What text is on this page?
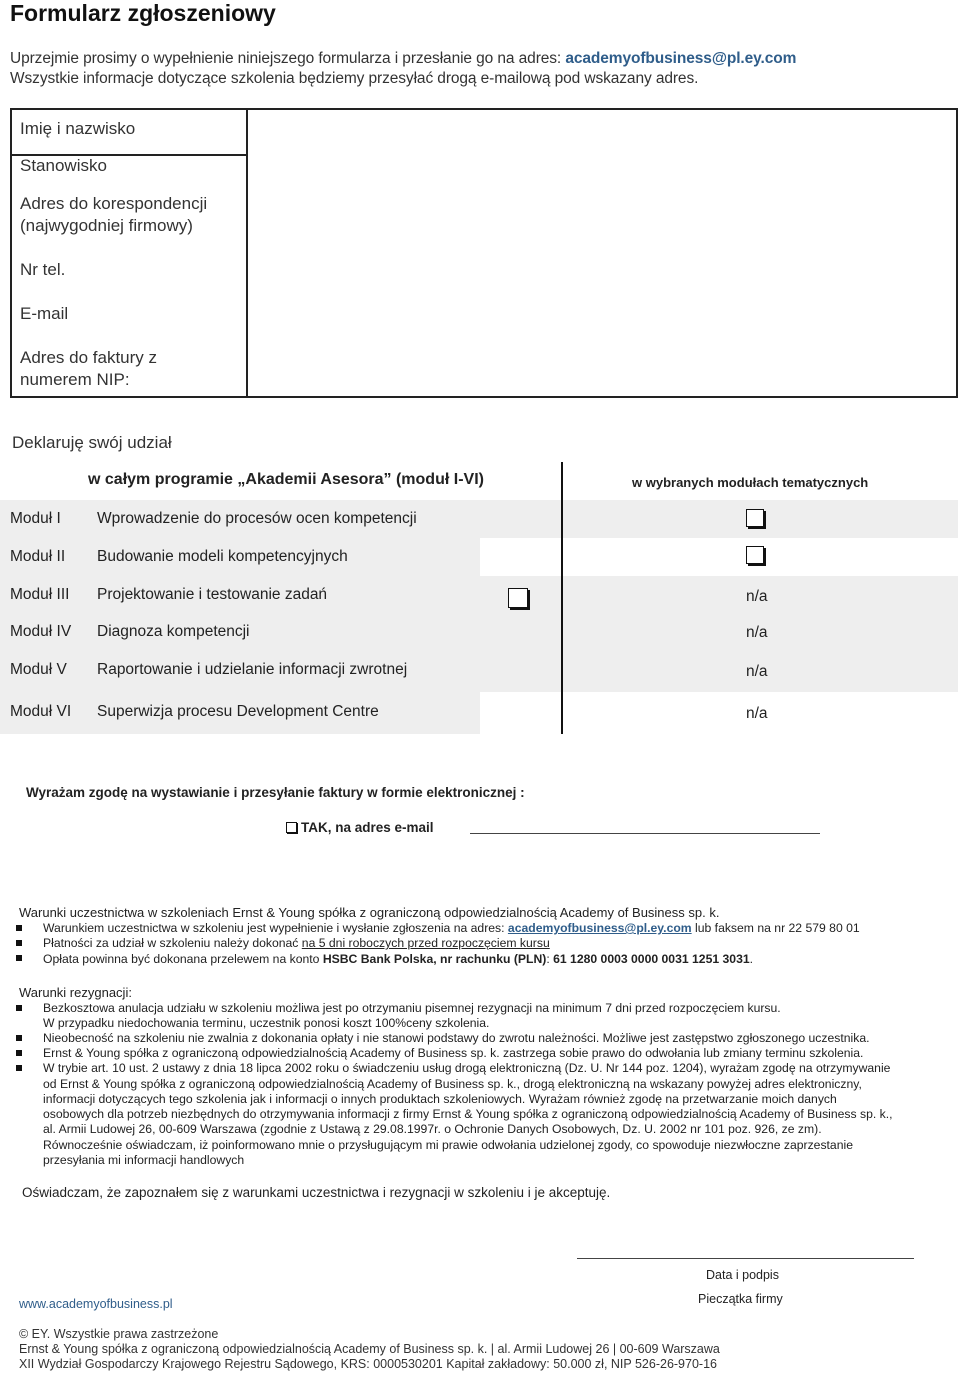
Formularz zgłoszeniowy
Uprzejmie prosimy o wypełnienie niniejszego formularza i przesłanie go na adres: academyofbusiness@pl.ey.com
Wszystkie informacje dotyczące szkolenia będziemy przesyłać drogą e-mailową pod wskazany adres.
Imię i nazwisko
Stanowisko
Adres do korespondencji
(najwygodniej firmowy)
Nr tel.
E-mail
Adres do faktury z
numerem NIP:
Deklaruję swój udział
w całym programie „Akademii Asesora” (moduł I-VI)	w wybranych modułach tematycznych
Moduł I Wprowadzenie do procesów ocen kompetencji
Moduł II Budowanie modeli kompetencyjnych
Moduł III Projektowanie i testowanie zadań	n/a
Moduł IV Diagnoza kompetencji	n/a
Moduł V Raportowanie i udzielanie informacji zwrotnej	n/a
Moduł VI Superwizja procesu Development Centre	n/a
Wyrażam zgodę na wystawianie i przesyłanie faktury w formie elektronicznej :
TAK, na adres e-mail
Warunki uczestnictwa w szkoleniach Ernst & Young spółka z ograniczoną odpowiedzialnością Academy of Business sp. k.
Warunkiem uczestnictwa w szkoleniu jest wypełnienie i wysłanie zgłoszenia na adres: academyofbusiness@pl.ey.com lub faksem na nr 22 579 80 01
Płatności za udział w szkoleniu należy dokonać na 5 dni roboczych przed rozpoczęciem kursu
Opłata powinna być dokonana przelewem na konto HSBC Bank Polska, nr rachunku (PLN): 61 1280 0003 0000 0031 1251 3031.
Warunki rezygnacji:
Bezkosztowa anulacja udziału w szkoleniu możliwa jest po otrzymaniu pisemnej rezygnacji na minimum 7 dni przed rozpoczęciem kursu.
W przypadku niedochowania terminu, uczestnik ponosi koszt 100%ceny szkolenia.
Nieobecność na szkoleniu nie zwalnia z dokonania opłaty i nie stanowi podstawy do zwrotu należności. Możliwe jest zastępstwo zgłoszonego uczestnika.
Ernst & Young spółka z ograniczoną odpowiedzialnością Academy of Business sp. k. zastrzega sobie prawo do odwołania lub zmiany terminu szkolenia.
W trybie art. 10 ust. 2 ustawy z dnia 18 lipca 2002 roku o świadczeniu usług drogą elektroniczną (Dz. U. Nr 144 poz. 1204), wyrażam zgodę na otrzymywanie
od Ernst & Young spółka z ograniczoną odpowiedzialnością Academy of Business sp. k., drogą elektroniczną na wskazany powyżej adres elektroniczny,
informacji dotyczących tego szkolenia jak i informacji o innych produktach szkoleniowych. Wyrażam również zgodę na przetwarzanie moich danych
osobowych dla potrzeb niezbędnych do otrzymywania informacji z firmy Ernst & Young spółka z ograniczoną odpowiedzialnością Academy of Business sp. k.,
al. Armii Ludowej 26, 00-609 Warszawa (zgodnie z Ustawą z 29.08.1997r. o Ochronie Danych Osobowych, Dz. U. 2002 nr 101 poz. 926, ze zm).
Równocześnie oświadczam, iż poinformowano mnie o przysługującym mi prawie odwołania udzielonej zgody, co spowoduje niezwłoczne zaprzestanie
przesyłania mi informacji handlowych
Oświadczam, że zapoznałem się z warunkami uczestnictwa i rezygnacji w szkoleniu i je akceptuję.
Data i podpis
Pieczątka firmy
www.academyofbusiness.pl
© EY. Wszystkie prawa zastrzeżone
Ernst & Young spółka z ograniczoną odpowiedzialnością Academy of Business sp. k. | al. Armii Ludowej 26 | 00-609 Warszawa
XII Wydział Gospodarczy Krajowego Rejestru Sądowego, KRS: 0000530201 Kapitał zakładowy: 50.000 zł, NIP 526-26-970-16
